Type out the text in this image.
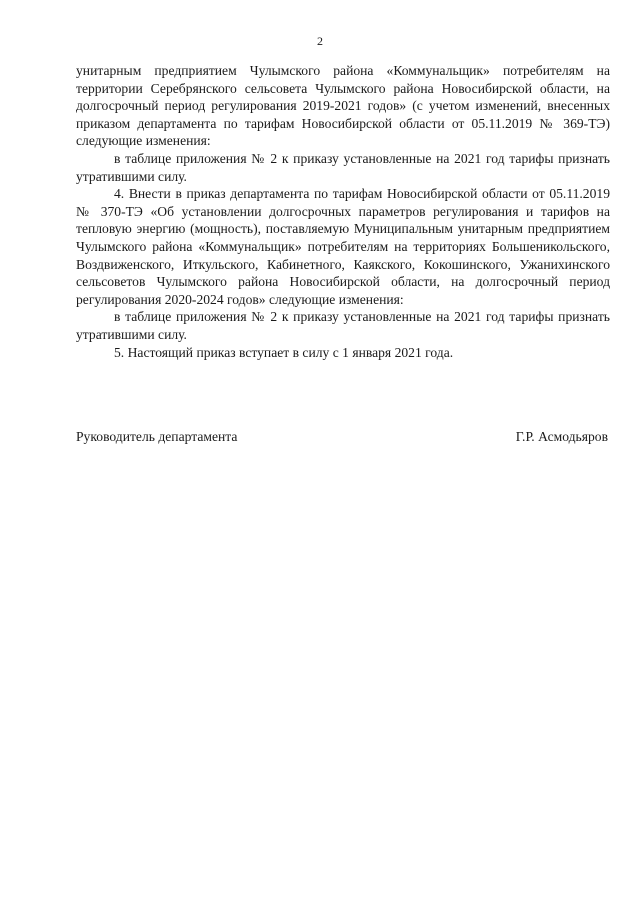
2

унитарным предприятием Чулымского района «Коммунальщик» потребителям на территории Серебрянского сельсовета Чулымского района Новосибирской области, на долгосрочный период регулирования 2019-2021 годов» (с учетом изменений, внесенных приказом департамента по тарифам Новосибирской области от 05.11.2019 № 369-ТЭ) следующие изменения:

в таблице приложения № 2 к приказу установленные на 2021 год тарифы признать утратившими силу.

4. Внести в приказ департамента по тарифам Новосибирской области от 05.11.2019 № 370-ТЭ «Об установлении долгосрочных параметров регулирования и тарифов на тепловую энергию (мощность), поставляемую Муниципальным унитарным предприятием Чулымского района «Коммунальщик» потребителям на территориях Большеникольского, Воздвиженского, Иткульского, Кабинетного, Каякского, Кокошинского, Ужанихинского сельсоветов Чулымского района Новосибирской области, на долгосрочный период регулирования 2020-2024 годов» следующие изменения:

в таблице приложения № 2 к приказу установленные на 2021 год тарифы признать утратившими силу.

5. Настоящий приказ вступает в силу с 1 января 2021 года.

Руководитель департамента	Г.Р. Асмодьяров
